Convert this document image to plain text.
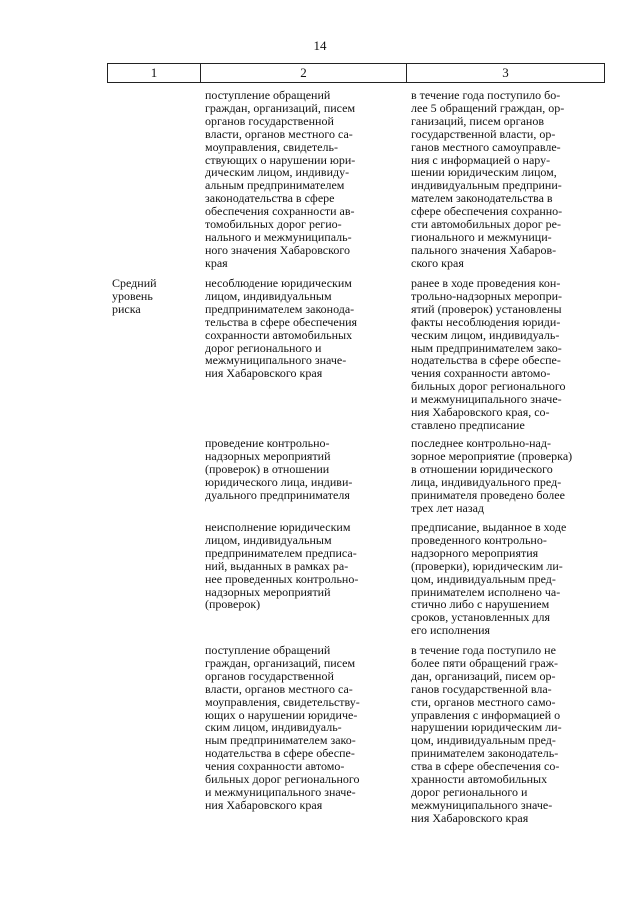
14
1	2	3
Средний
уровень
риска
поступление обращений
граждан, организаций, писем
органов государственной
власти, органов местного са-
моуправления, свидетель-
ствующих о нарушении юри-
дическим лицом, индивиду-
альным предпринимателем
законодательства в сфере
обеспечения сохранности ав-
томобильных дорог регио-
нального и межмуниципаль-
ного значения Хабаровского
края
в течение года поступило бо-
лее 5 обращений граждан, ор-
ганизаций, писем органов
государственной власти, ор-
ганов местного самоуправле-
ния с информацией о нару-
шении юридическим лицом,
индивидуальным предприни-
мателем законодательства в
сфере обеспечения сохранно-
сти автомобильных дорог ре-
гионального и межмуници-
пального значения Хабаров-
ского края
несоблюдение юридическим
лицом, индивидуальным
предпринимателем законода-
тельства в сфере обеспечения
сохранности автомобильных
дорог регионального и
межмуниципального значе-
ния Хабаровского края
ранее в ходе проведения кон-
трольно-надзорных меропри-
ятий (проверок) установлены
факты несоблюдения юриди-
ческим лицом, индивидуаль-
ным предпринимателем зако-
нодательства в сфере обеспе-
чения сохранности автомо-
бильных дорог регионального
и межмуниципального значе-
ния Хабаровского края, со-
ставлено предписание
проведение контрольно-
надзорных мероприятий
(проверок) в отношении
юридического лица, индиви-
дуального предпринимателя
последнее контрольно-над-
зорное мероприятие (проверка)
в отношении юридического
лица, индивидуального пред-
принимателя проведено более
трех лет назад
неисполнение юридическим
лицом, индивидуальным
предпринимателем предписа-
ний, выданных в рамках ра-
нее проведенных контрольно-
надзорных мероприятий
(проверок)
предписание, выданное в ходе
проведенного контрольно-
надзорного мероприятия
(проверки), юридическим ли-
цом, индивидуальным пред-
принимателем исполнено ча-
стично либо с нарушением
сроков, установленных для
его исполнения
поступление обращений
граждан, организаций, писем
органов государственной
власти, органов местного са-
моуправления, свидетельству-
ющих о нарушении юридиче-
ским лицом, индивидуаль-
ным предпринимателем зако-
нодательства в сфере обеспе-
чения сохранности автомо-
бильных дорог регионального
и межмуниципального значе-
ния Хабаровского края
в течение года поступило не
более пяти обращений граж-
дан, организаций, писем ор-
ганов государственной вла-
сти, органов местного само-
управления с информацией о
нарушении юридическим ли-
цом, индивидуальным пред-
принимателем законодатель-
ства в сфере обеспечения со-
хранности автомобильных
дорог регионального и
межмуниципального значе-
ния Хабаровского края
